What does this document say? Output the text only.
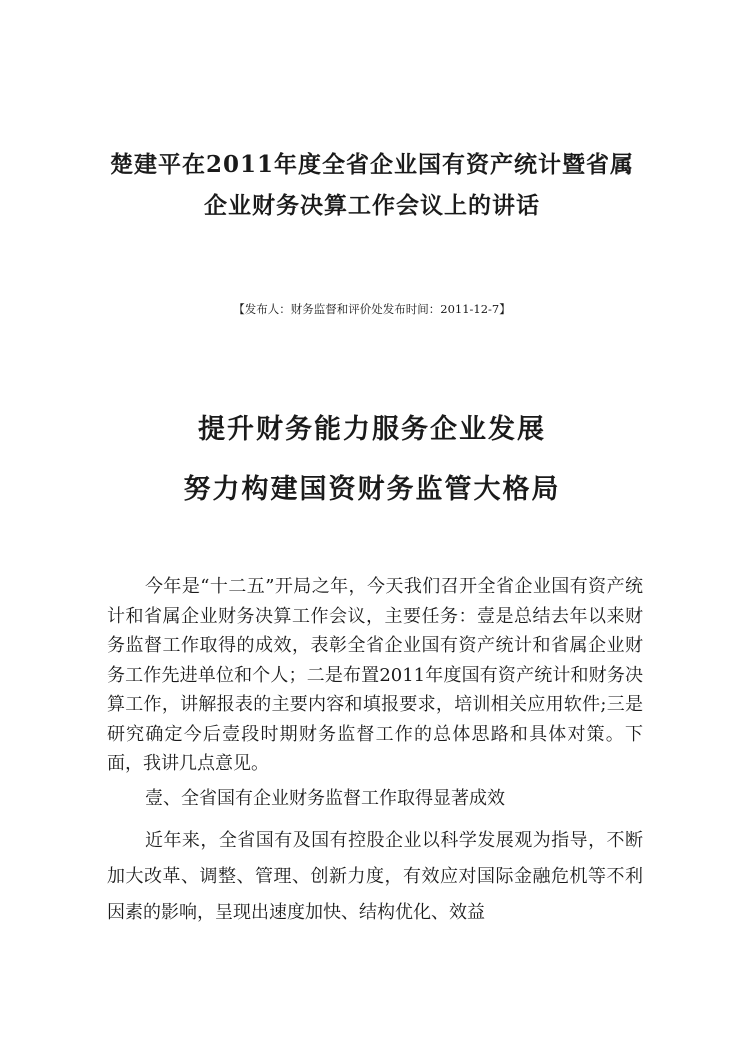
楚建平在2011年度全省企业国有资产统计暨省属
企业财务决算工作会议上的讲话
【发布人：财务监督和评价处发布时间：2011-12-7】
提升财务能力服务企业发展
努力构建国资财务监管大格局
今年是“十二五”开局之年，今天我们召开全省企业国有资产统计和省属企业财务决算工作会议，主要任务：壹是总结去年以来财务监督工作取得的成效，表彰全省企业国有资产统计和省属企业财务工作先进单位和个人；二是布置2011年度国有资产统计和财务决算工作，讲解报表的主要内容和填报要求，培训相关应用软件;三是研究确定今后壹段时期财务监督工作的总体思路和具体对策。下面，我讲几点意见。
壹、全省国有企业财务监督工作取得显著成效
近年来，全省国有及国有控股企业以科学发展观为指导，不断加大改革、调整、管理、创新力度，有效应对国际金融危机等不利因素的影响，呈现出速度加快、结构优化、效益
